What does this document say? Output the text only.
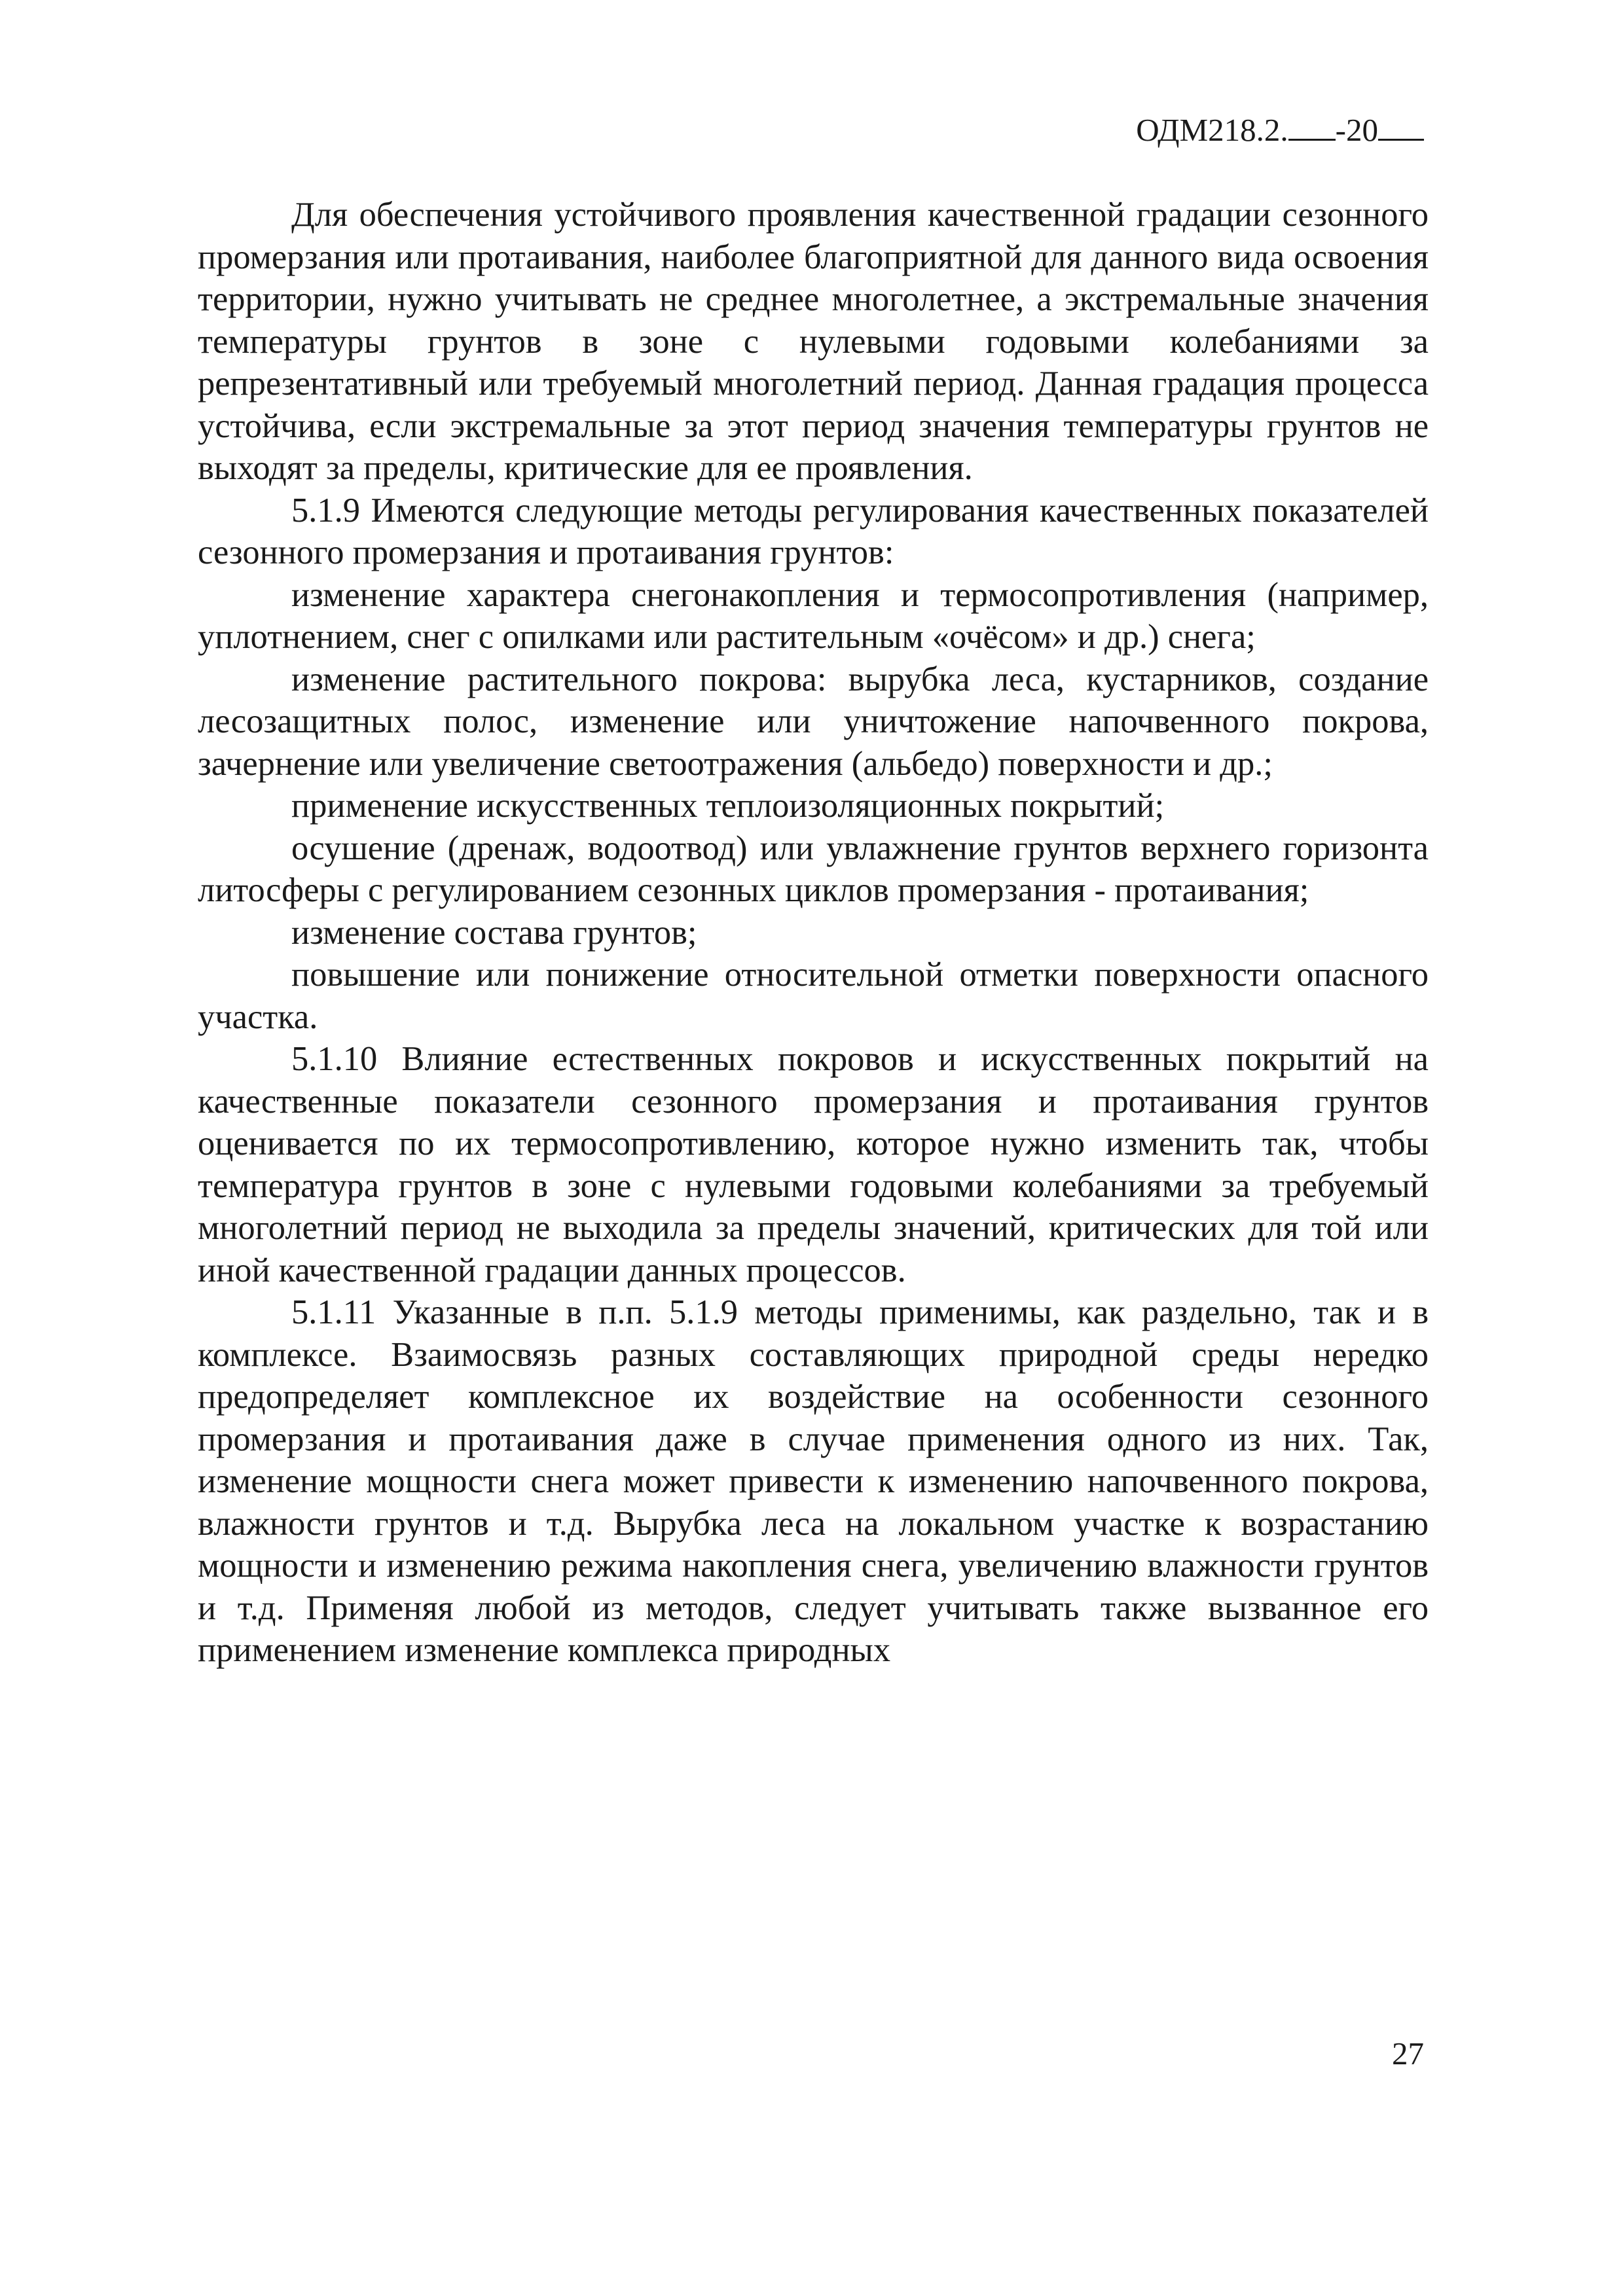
ОДМ218.2. -20

Для обеспечения устойчивого проявления качественной градации сезонного промерзания или протаивания, наиболее благоприятной для данного вида освоения территории, нужно учитывать не среднее многолетнее, а экстремальные значения температуры грунтов в зоне с нулевыми годовыми колебаниями за репрезентативный или требуемый многолетний период. Данная градация процесса устойчива, если экстремальные за этот период значения температуры грунтов не выходят за пределы, критические для ее проявления.

5.1.9 Имеются следующие методы регулирования качественных показателей сезонного промерзания и протаивания грунтов:

изменение характера снегонакопления и термосопротивления (например, уплотнением, снег с опилками или растительным «очёсом» и др.) снега;

изменение растительного покрова: вырубка леса, кустарников, создание лесозащитных полос, изменение или уничтожение напочвенного покрова, зачернение или увеличение светоотражения (альбедо) поверхности и др.;

применение искусственных теплоизоляционных покрытий;

осушение (дренаж, водоотвод) или увлажнение грунтов верхнего горизонта литосферы с регулированием сезонных циклов промерзания - протаивания;

изменение состава грунтов;

повышение или понижение относительной отметки поверхности опасного участка.

5.1.10 Влияние естественных покровов и искусственных покрытий на качественные показатели сезонного промерзания и протаивания грунтов оценивается по их термосопротивлению, которое нужно изменить так, чтобы температура грунтов в зоне с нулевыми годовыми колебаниями за требуемый многолетний период не выходила за пределы значений, критических для той или иной качественной градации данных процессов.

5.1.11 Указанные в п.п. 5.1.9 методы применимы, как раздельно, так и в комплексе. Взаимосвязь разных составляющих природной среды нередко предопределяет комплексное их воздействие на особенности сезонного промерзания и протаивания даже в случае применения одного из них. Так, изменение мощности снега может привести к изменению напочвенного покрова, влажности грунтов и т.д. Вырубка леса на локальном участке к возрастанию мощности и изменению режима накопления снега, увеличению влажности грунтов и т.д. Применяя любой из методов, следует учитывать также вызванное его применением изменение комплекса природных

27
